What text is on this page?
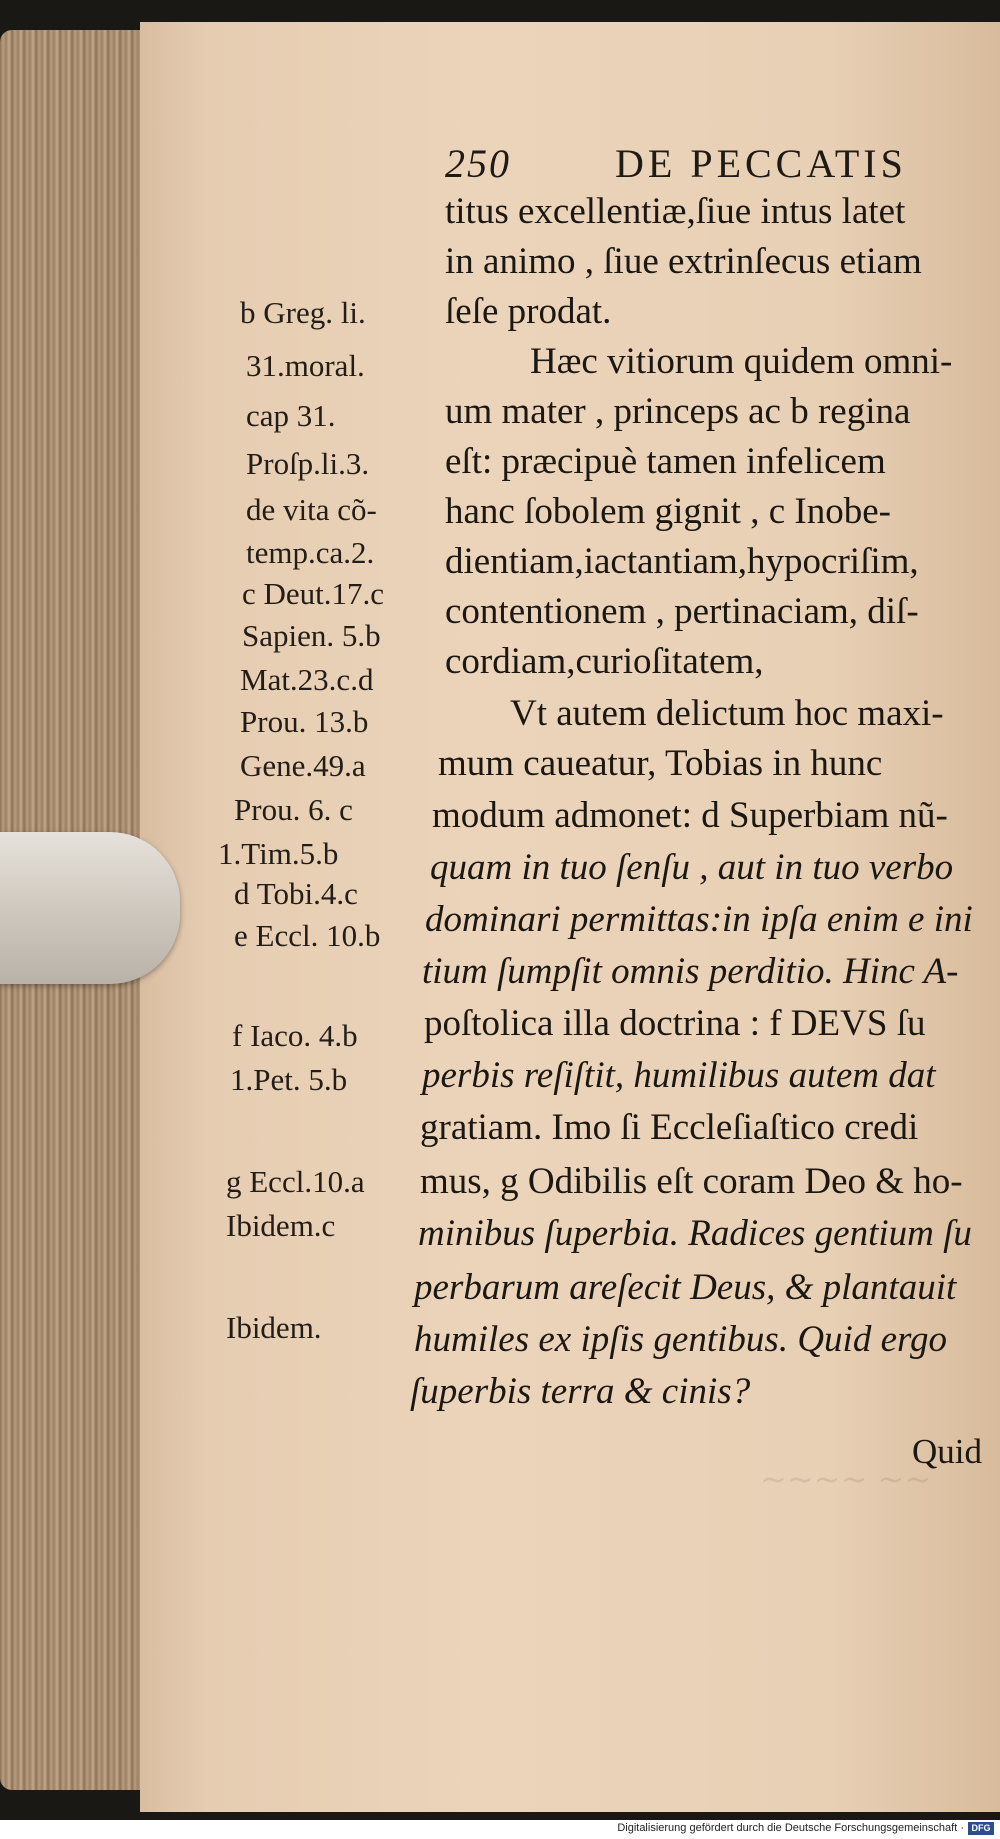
~~~~ ~~
250	DE PECCATIS
titus excellentiæ,ſiue intus latet
in animo , ſiue extrinſecus etiam
ſeſe prodat.
Hæc vitiorum quidem omni-
um mater , princeps ac b regina
eſt: præcipuè tamen infelicem
hanc ſobolem gignit , c Inobe-
dientiam,iactantiam,hypocriſim,
contentionem , pertinaciam, diſ-
cordiam,curioſitatem,
Vt autem delictum hoc maxi-
mum caueatur, Tobias in hunc
modum admonet: d Superbiam nũ-
quam in tuo ſenſu , aut in tuo verbo
dominari permittas:in ipſa enim e ini
tium ſumpſit omnis perditio. Hinc A-
poſtolica illa doctrina : f DEVS ſu
perbis reſiſtit, humilibus autem dat
gratiam. Imo ſi Eccleſiaſtico credi
mus, g Odibilis eſt coram Deo & ho-
minibus ſuperbia. Radices gentium ſu
perbarum areſecit Deus, & plantauit
humiles ex ipſis gentibus. Quid ergo
ſuperbis terra & cinis?
b Greg. li.
31.moral.
cap 31.
Proſp.li.3.
de vita cõ-
temp.ca.2.
c Deut.17.c
Sapien. 5.b
Mat.23.c.d
Prou. 13.b
Gene.49.a
Prou. 6. c
1.Tim.5.b
d Tobi.4.c
e Eccl. 10.b
f Iaco. 4.b
1.Pet. 5.b
g Eccl.10.a
Ibidem.c
Ibidem.
Quid
Digitalisierung gefördert durch die Deutsche Forschungsgemeinschaft · DFG
